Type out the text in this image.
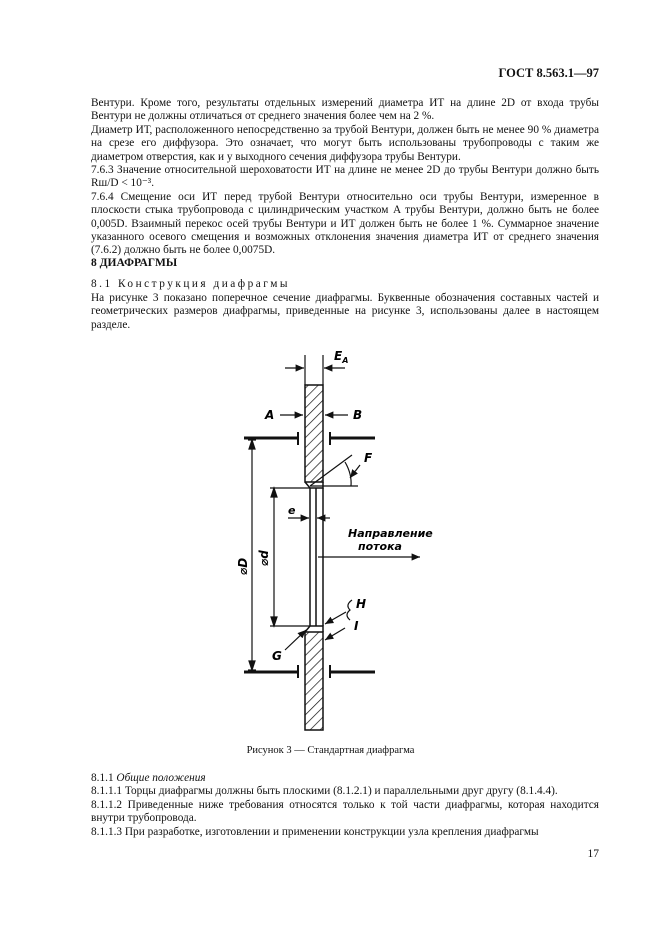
ГОСТ 8.563.1—97

Вентури. Кроме того, результаты отдельных измерений диаметра ИТ на длине 2D от входа трубы Вентури не должны отличаться от среднего значения более чем на 2 %.

Диаметр ИТ, расположенного непосредственно за трубой Вентури, должен быть не менее 90 % диаметра на срезе его диффузора. Это означает, что могут быть использованы трубопроводы с таким же диаметром отверстия, как и у выходного сечения диффузора трубы Вентури.

7.6.3 Значение относительной шероховатости ИТ на длине не менее 2D до трубы Вентури должно быть Rш/D < 10⁻³.

7.6.4 Смещение оси ИТ перед трубой Вентури относительно оси трубы Вентури, измеренное в плоскости стыка трубопровода с цилиндрическим участком A трубы Вентури, должно быть не более 0,005D. Взаимный перекос осей трубы Вентури и ИТ должен быть не более 1 %. Суммарное значение указанного осевого смещения и возможных отклонения значения диаметра ИТ от среднего значения (7.6.2) должно быть не более 0,0075D.

8 ДИАФРАГМЫ

8.1 Конструкция диафрагмы

На рисунке 3 показано поперечное сечение диафрагмы. Буквенные обозначения составных частей и геометрических размеров диафрагмы, приведенные на рисунке 3, использованы далее в настоящем разделе.

$E_A$
A	B
F
e
⌀D ⌀d
Направление
потока
H
I
G
Рисунок 3 — Стандартная диафрагма

8.1.1 Общие положения

8.1.1.1 Торцы диафрагмы должны быть плоскими (8.1.2.1) и параллельными друг другу (8.1.4.4).

8.1.1.2 Приведенные ниже требования относятся только к той части диафрагмы, которая находится внутри трубопровода.

8.1.1.3 При разработке, изготовлении и применении конструкции узла крепления диафрагмы

17
